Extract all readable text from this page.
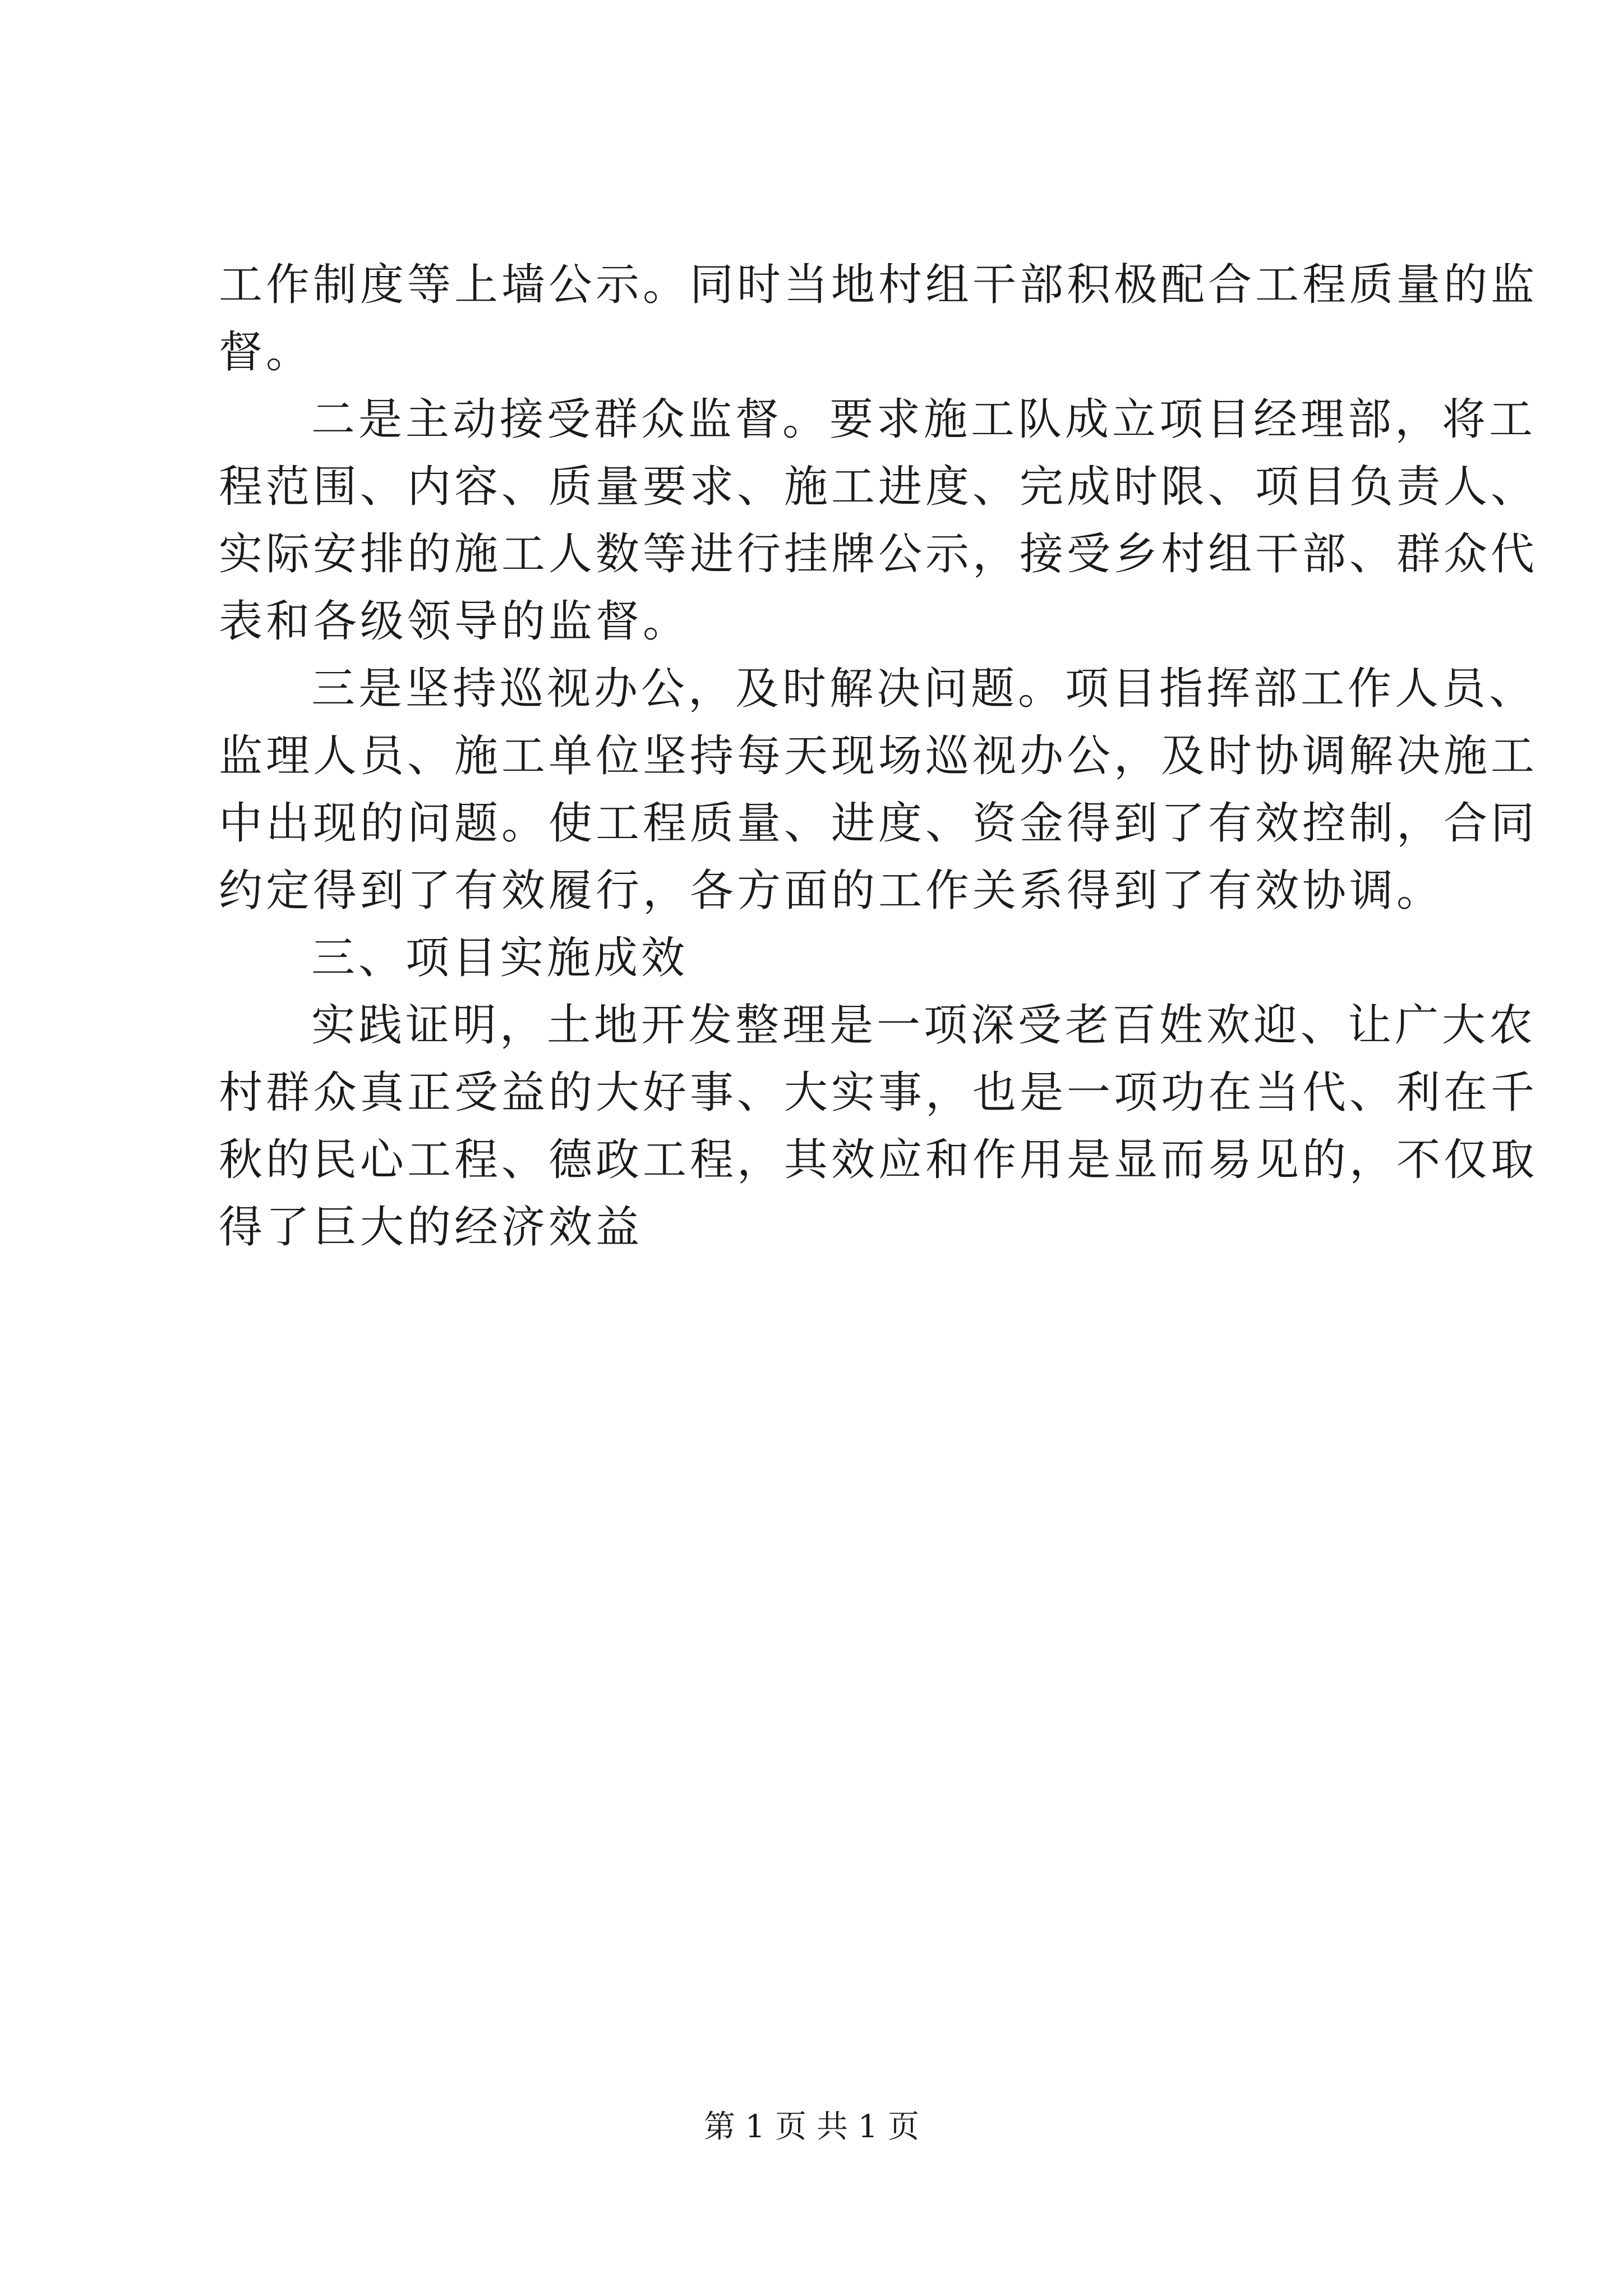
工作制度等上墙公示。同时当地村组干部积极配合工程质量的监
督。
二是主动接受群众监督。要求施工队成立项目经理部，将工
程范围、内容、质量要求、施工进度、完成时限、项目负责人、
实际安排的施工人数等进行挂牌公示，接受乡村组干部、群众代
表和各级领导的监督。
三是坚持巡视办公，及时解决问题。项目指挥部工作人员、
监理人员、施工单位坚持每天现场巡视办公，及时协调解决施工
中出现的问题。使工程质量、进度、资金得到了有效控制，合同
约定得到了有效履行，各方面的工作关系得到了有效协调。
三、项目实施成效
实践证明，土地开发整理是一项深受老百姓欢迎、让广大农
村群众真正受益的大好事、大实事，也是一项功在当代、利在千
秋的民心工程、德政工程，其效应和作用是显而易见的，不仅取
得了巨大的经济效益
第 1 页 共 1 页
